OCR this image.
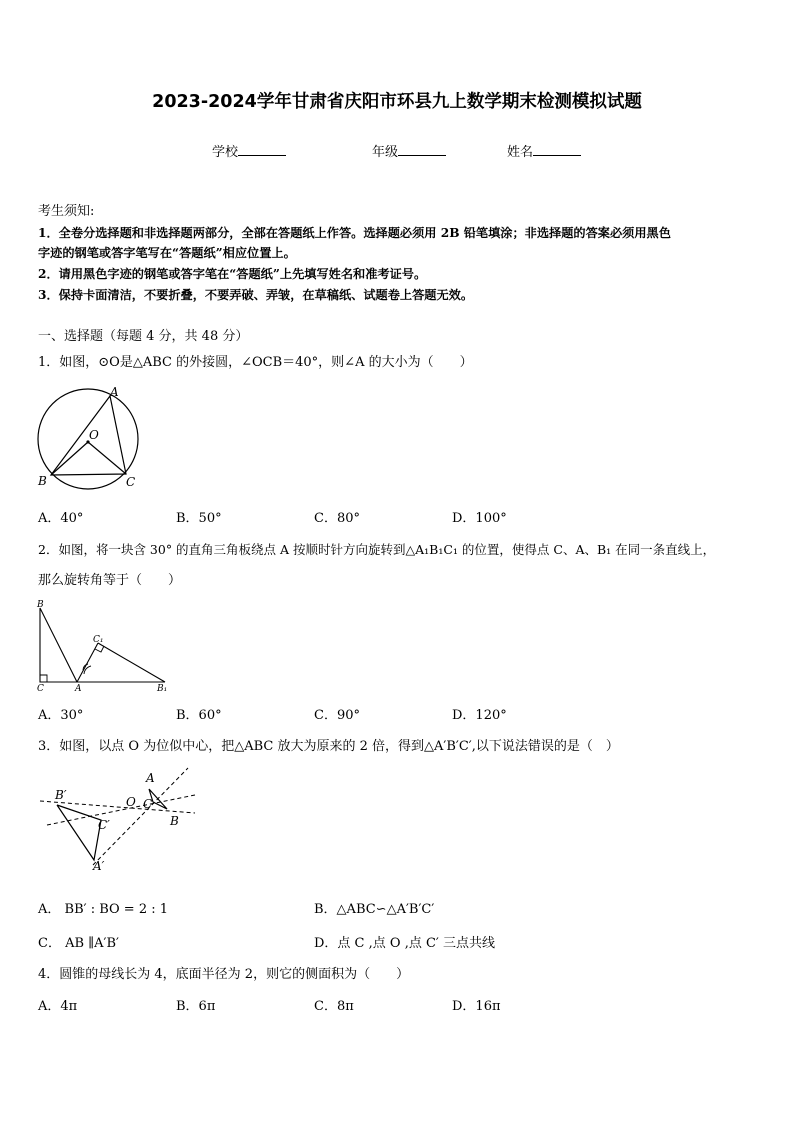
2023-2024学年甘肃省庆阳市环县九上数学期末检测模拟试题
学校	年级	姓名
考生须知:
1．全卷分选择题和非选择题两部分，全部在答题纸上作答。选择题必须用 2B 铅笔填涂；非选择题的答案必须用黑色
字迹的钢笔或答字笔写在“答题纸”相应位置上。
2．请用黑色字迹的钢笔或答字笔在“答题纸”上先填写姓名和准考证号。
3．保持卡面清洁，不要折叠，不要弄破、弄皱，在草稿纸、试题卷上答题无效。
一、选择题（每题 4 分，共 48 分）
1．如图，⊙O是△ABC 的外接圆，∠OCB＝40°，则∠A 的大小为（　　）
A
O
B	C
A．40°	B．50°	C．80°	D．100°
2．如图，将一块含 30° 的直角三角板绕点 A 按顺时针方向旋转到△A₁B₁C₁ 的位置，使得点 C、A、B₁ 在同一条直线上，
那么旋转角等于（　　）
B
C	A
C₁
B₁
A．30°	B．60°	C．90°	D．120°
3．如图，以点 O 为位似中心，把△ABC 放大为原来的 2 倍，得到△A′B′C′,以下说法错误的是（　）
A
C
B
O
B′
C′
A′
A． BB′ : BO = 2 : 1	B．△ABC∽△A′B′C′
C． AB ∥A′B′	D．点 C ,点 O ,点 C′ 三点共线
4．圆锥的母线长为 4，底面半径为 2，则它的侧面积为（　　）
A．4π	B．6π	C．8π	D．16π
